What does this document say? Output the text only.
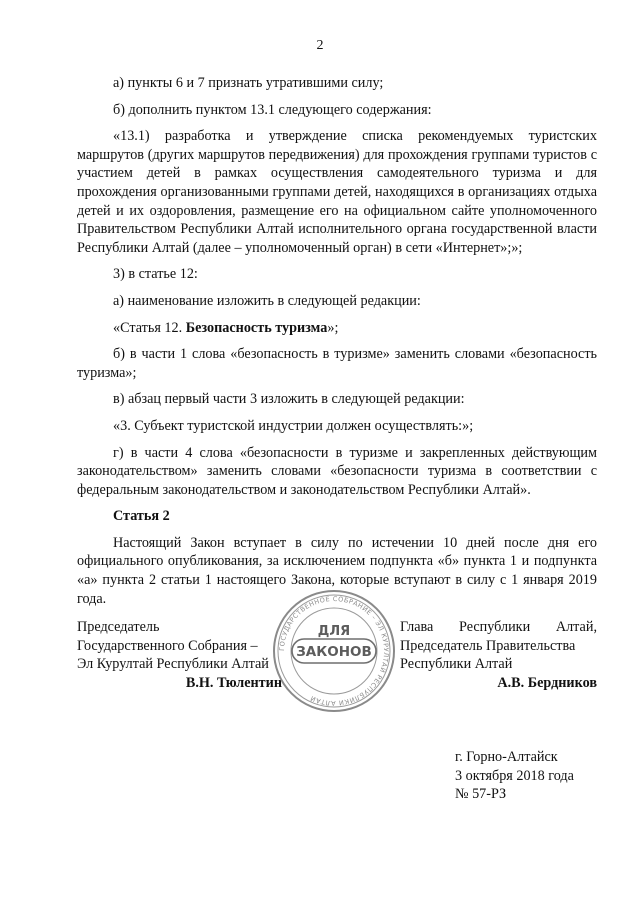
2

а) пункты 6 и 7 признать утратившими силу;

б) дополнить пунктом 13.1 следующего содержания:

«13.1) разработка и утверждение списка рекомендуемых туристских маршрутов (других маршрутов передвижения) для прохождения группами туристов с участием детей в рамках осуществления самодеятельного туризма и для прохождения организованными группами детей, находящихся в организациях отдыха детей и их оздоровления, размещение его на официальном сайте уполномоченного Правительством Республики Алтай исполнительного органа государственной власти Республики Алтай (далее – уполномоченный орган) в сети «Интернет»;»;

3) в статье 12:

а) наименование изложить в следующей редакции:

«Статья 12. Безопасность туризма»;

б) в части 1 слова «безопасность в туризме» заменить словами «безопасность туризма»;

в) абзац первый части 3 изложить в следующей редакции:

«3. Субъект туристской индустрии должен осуществлять:»;

г) в части 4 слова «безопасности в туризме и закрепленных действующим законодательством» заменить словами «безопасности туризма в соответствии с федеральным законодательством и законодательством Республики Алтай».

Статья 2

Настоящий Закон вступает в силу по истечении 10 дней после дня его официального опубликования, за исключением подпункта «б» пункта 1 и подпункта «а» пункта 2 статьи 1 настоящего Закона, которые вступают в силу с 1 января 2019 года.

Председатель
Государственного Собрания –
Эл Курултай Республики Алтай
В.Н. Тюлентин
ГОСУДАРСТВЕННОЕ СОБРАНИЕ – ЭЛ КУРУЛТАЙ РЕСПУБЛИКИ АЛТАЙ
ДЛЯ
ЗАКОНОВ
Глава Республики Алтай,
Председатель Правительства
Республики Алтай
А.В. Бердников
г. Горно-Алтайск
3 октября 2018 года
№ 57-РЗ
